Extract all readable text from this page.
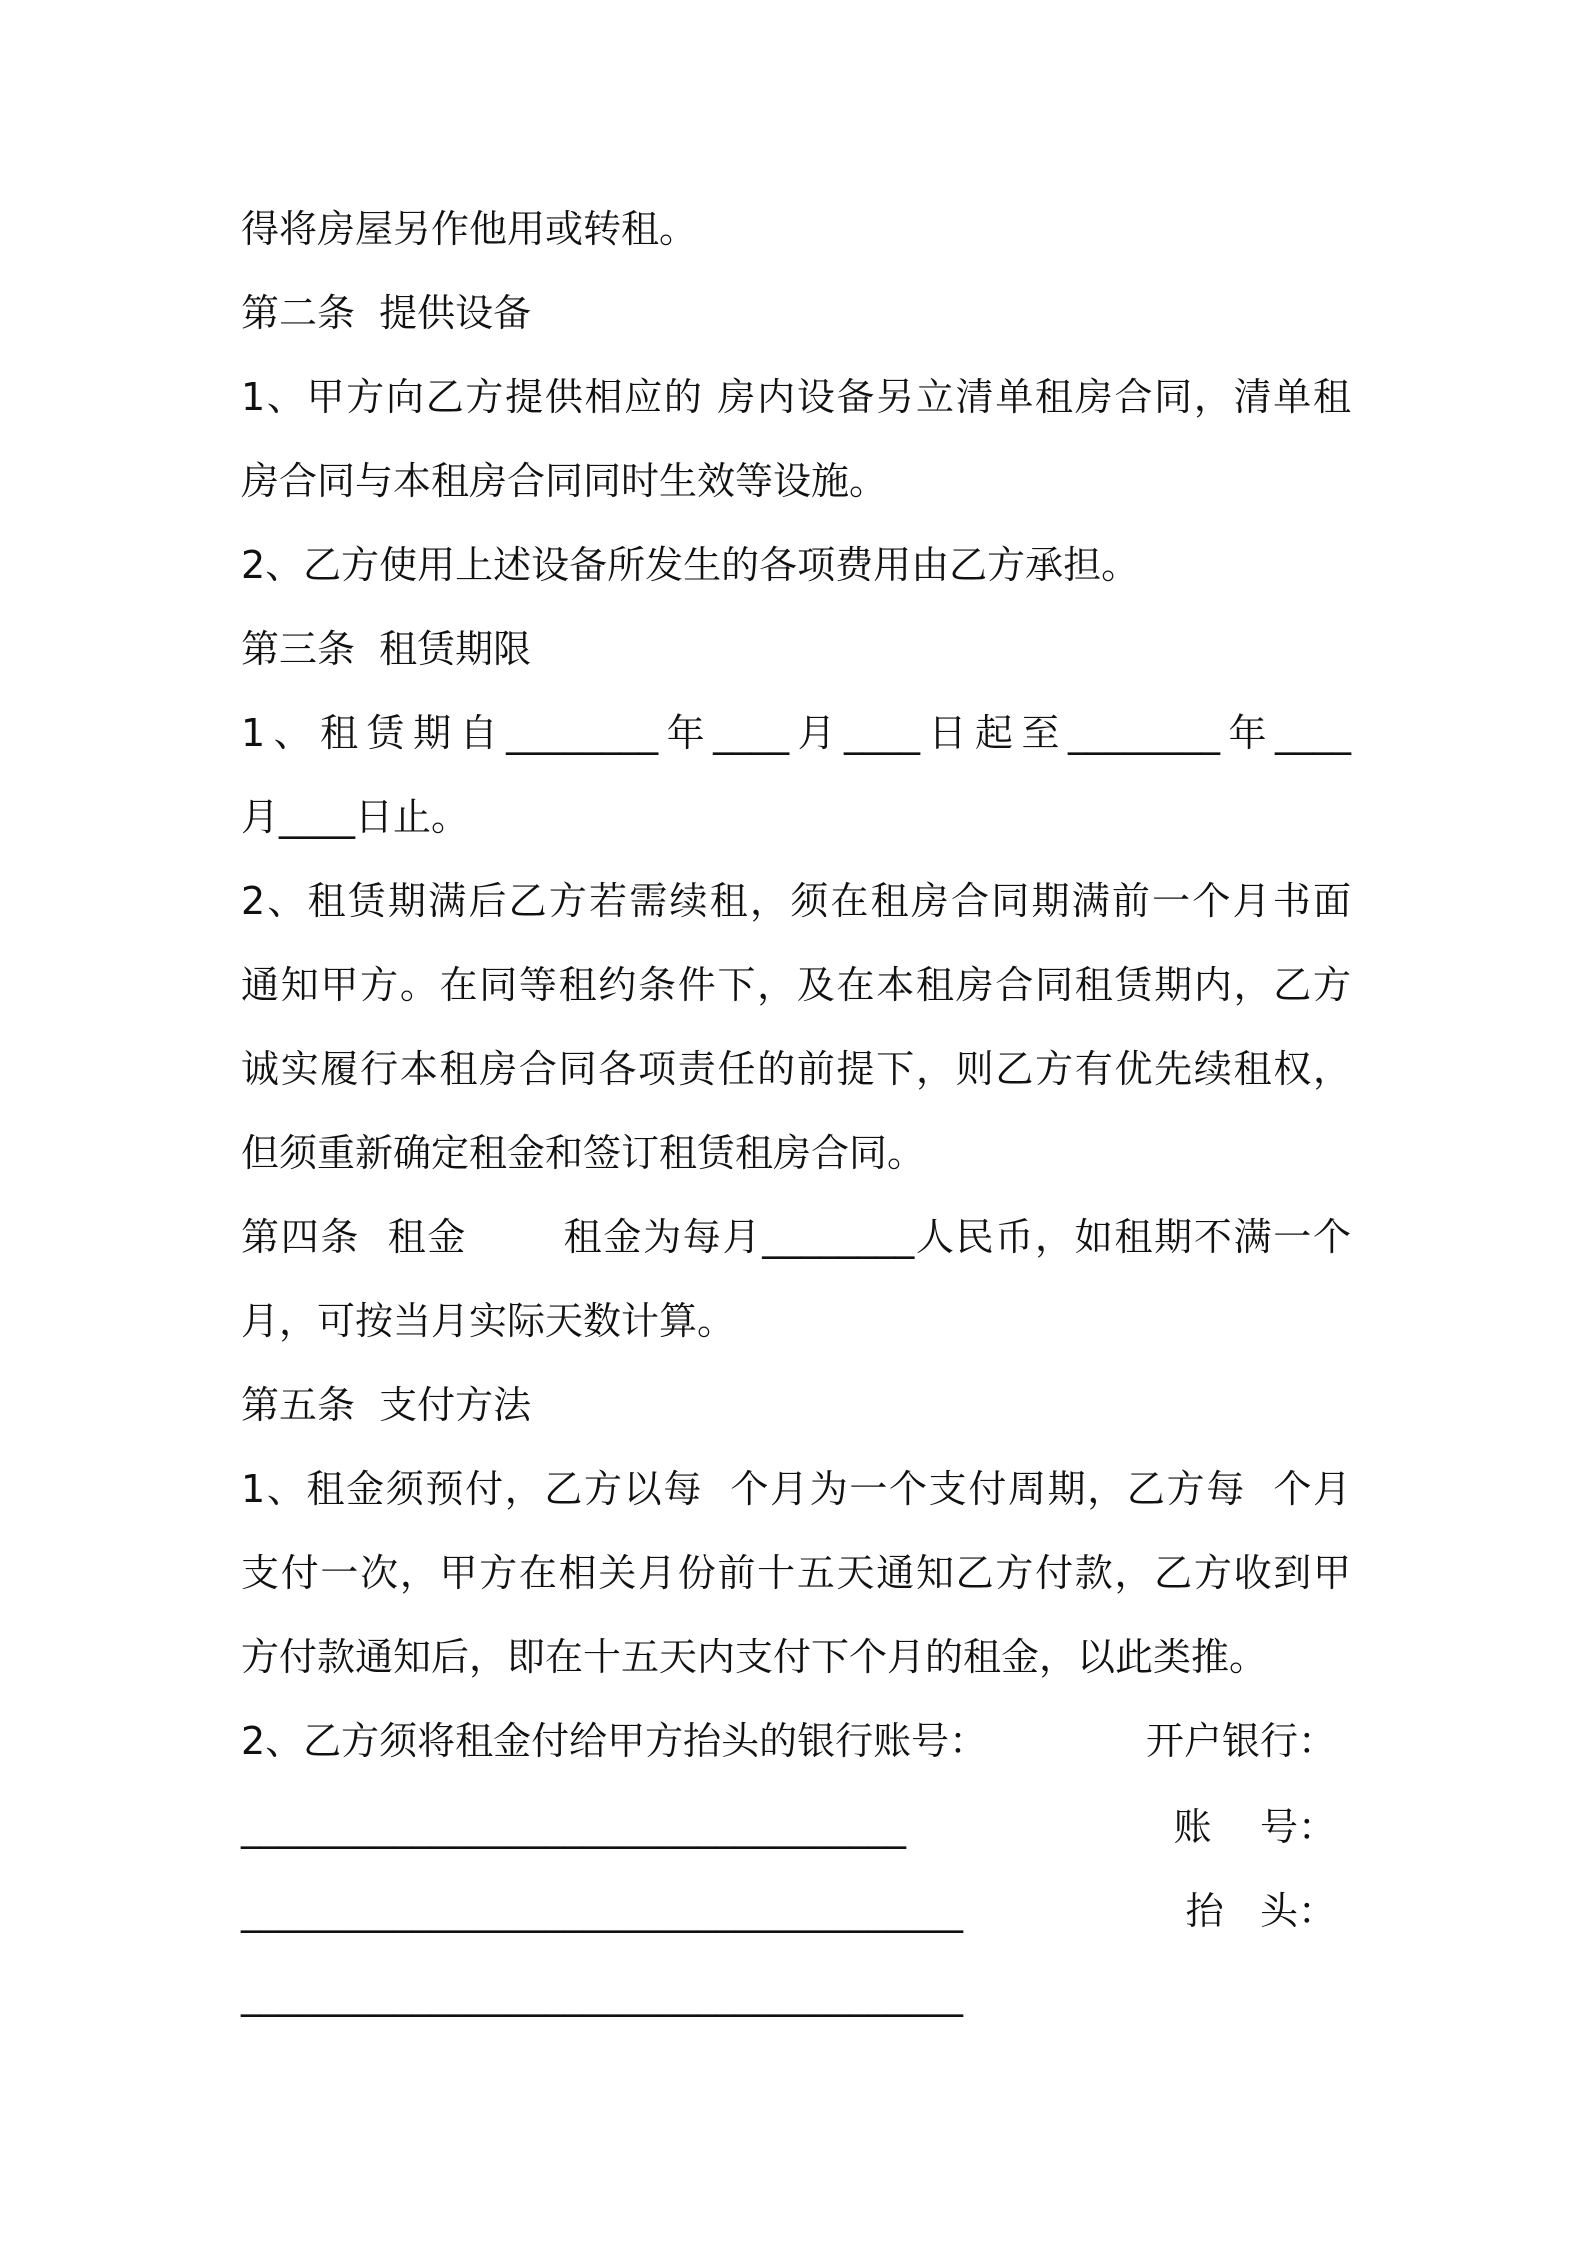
得将房屋另作他用或转租。
第二条  提供设备
1、甲方向乙方提供相应的 房内设备另立清单租房合同，清单租
房合同与本租房合同同时生效等设施。
2、乙方使用上述设备所发生的各项费用由乙方承担。
第三条  租赁期限
1、租赁期自________年____月____日起至________年____
月____日止。
2、租赁期满后乙方若需续租，须在租房合同期满前一个月书面
通知甲方。在同等租约条件下，及在本租房合同租赁期内，乙方
诚实履行本租房合同各项责任的前提下，则乙方有优先续租权，
但须重新确定租金和签订租赁租房合同。
第四条  租金       租金为每月________人民币，如租期不满一个
月，可按当月实际天数计算。
第五条  支付方法
1、租金须预付，乙方以每  个月为一个支付周期，乙方每  个月
支付一次，甲方在相关月份前十五天通知乙方付款，乙方收到甲
方付款通知后，即在十五天内支付下个月的租金，以此类推。
2、乙方须将租金付给甲方抬头的银行账号：	开户银行：
___________________________________	账    号：
______________________________________	抬   头：
______________________________________
